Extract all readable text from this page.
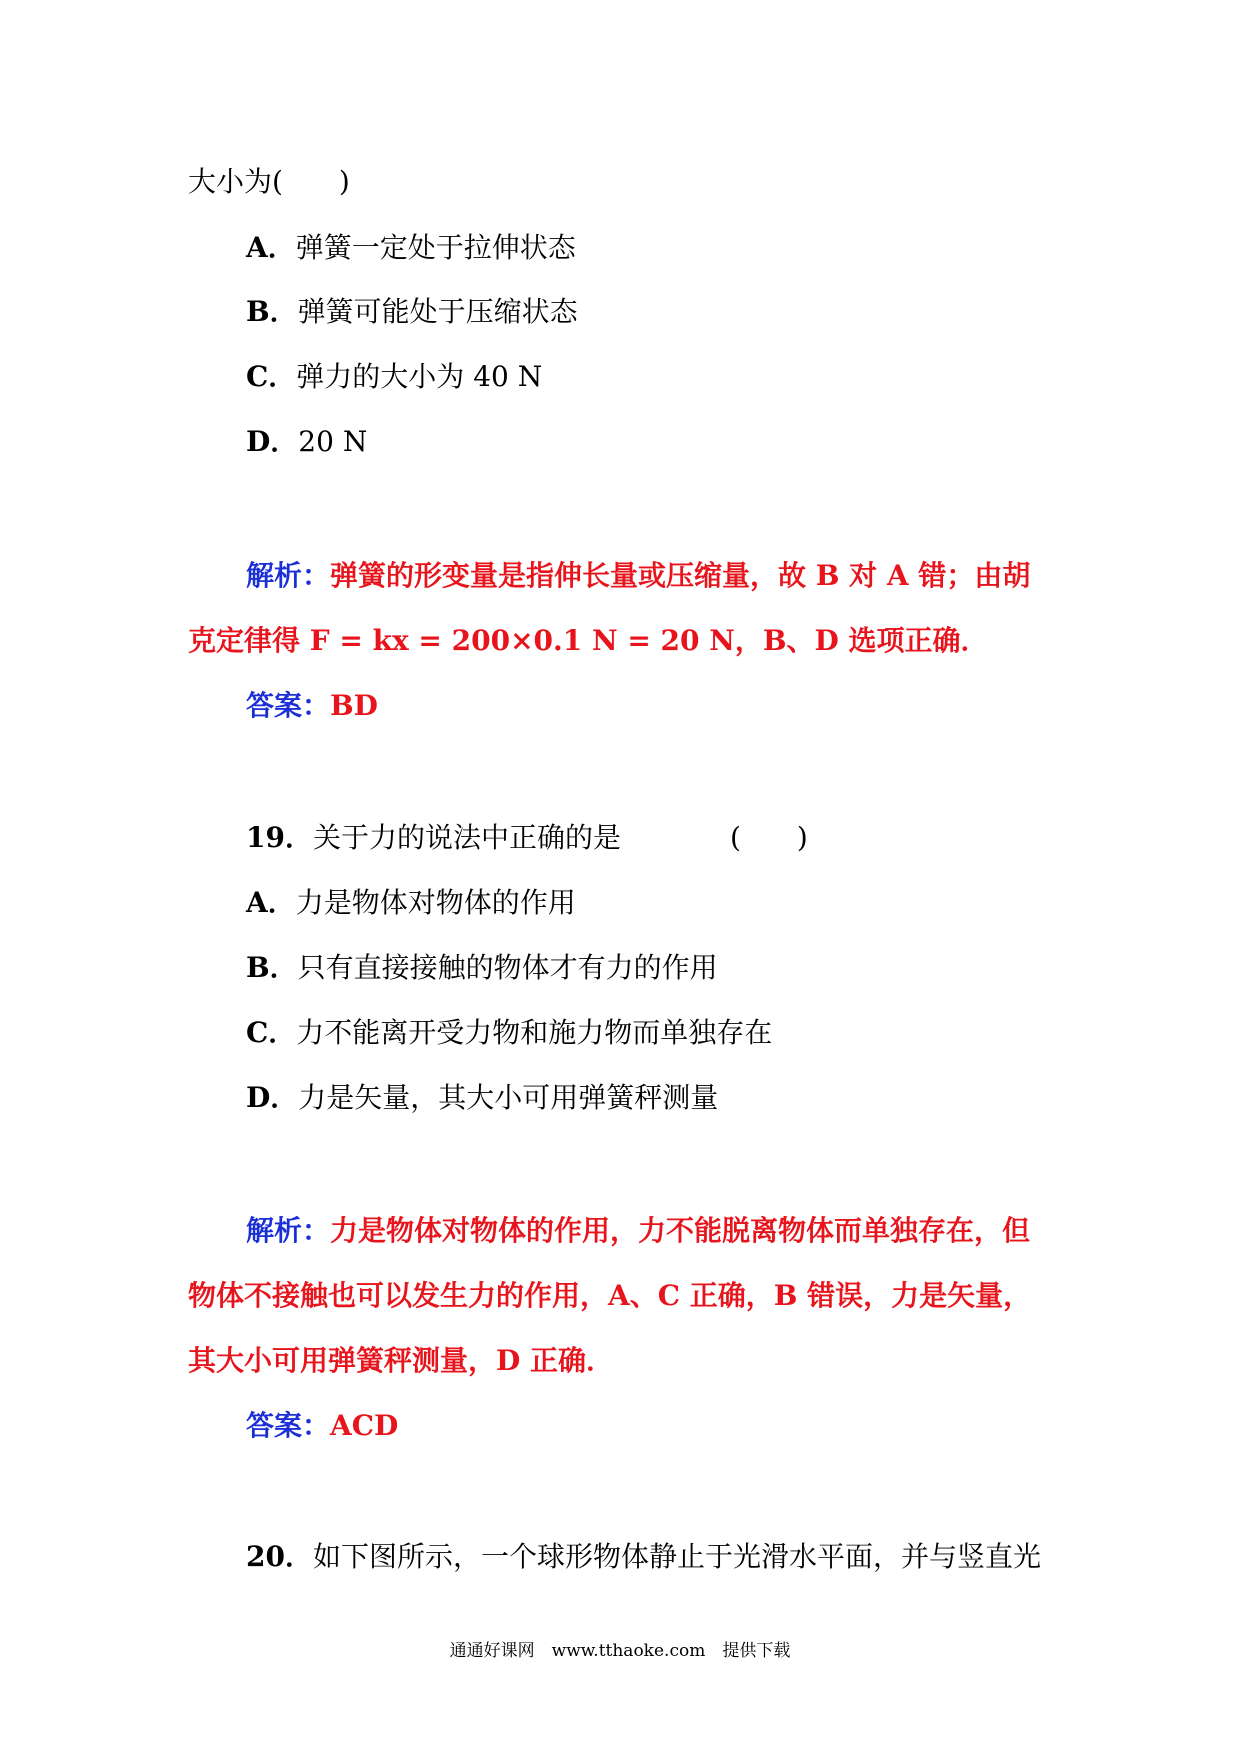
大小为(　　)
A．弹簧一定处于拉伸状态
B．弹簧可能处于压缩状态
C．弹力的大小为 40 N
D．20 N
解析：弹簧的形变量是指伸长量或压缩量，故 B 对 A 错；由胡
克定律得 F = kx = 200×0.1 N = 20 N，B、D 选项正确．
答案：BD
19．关于力的说法中正确的是	(　　)
A．力是物体对物体的作用
B．只有直接接触的物体才有力的作用
C．力不能离开受力物和施力物而单独存在
D．力是矢量，其大小可用弹簧秤测量
解析：力是物体对物体的作用，力不能脱离物体而单独存在，但
物体不接触也可以发生力的作用，A、C 正确，B 错误，力是矢量，
其大小可用弹簧秤测量，D 正确．
答案：ACD
20．如下图所示，一个球形物体静止于光滑水平面，并与竖直光
通通好课网　www.tthaoke.com　提供下载
